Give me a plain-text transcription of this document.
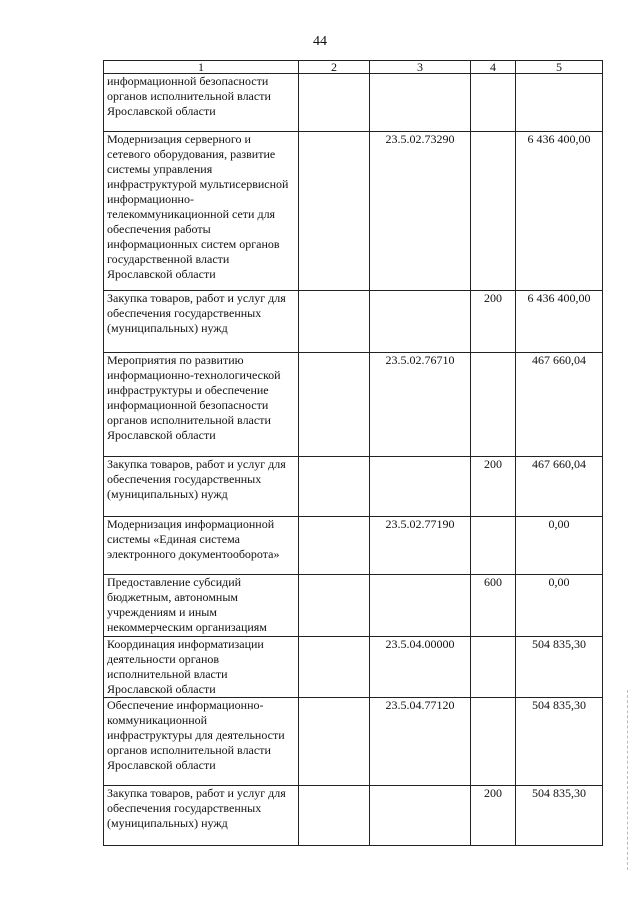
44
1	2	3	4	5
информационной безопасности органов исполнительной власти Ярославской области				
Модернизация серверного и сетевого оборудования, развитие системы управления инфраструктурой мультисервисной информационно-телекоммуникационной сети для обеспечения работы информационных систем органов государственной власти Ярославской области		23.5.02.73290		6 436 400,00
Закупка товаров, работ и услуг для обеспечения государственных (муниципальных) нужд			200	6 436 400,00
Мероприятия по развитию информационно-технологической инфраструктуры и обеспечение информационной безопасности органов исполнительной власти Ярославской области		23.5.02.76710		467 660,04
Закупка товаров, работ и услуг для обеспечения государственных (муниципальных) нужд			200	467 660,04
Модернизация информационной системы «Единая система электронного документооборота»		23.5.02.77190		0,00
Предоставление субсидий бюджетным, автономным учреждениям и иным некоммерческим организациям			600	0,00
Координация информатизации деятельности органов исполнительной власти Ярославской области		23.5.04.00000		504 835,30
Обеспечение информационно-коммуникационной инфраструктуры для деятельности органов исполнительной власти Ярославской области		23.5.04.77120		504 835,30
Закупка товаров, работ и услуг для обеспечения государственных (муниципальных) нужд			200	504 835,30
